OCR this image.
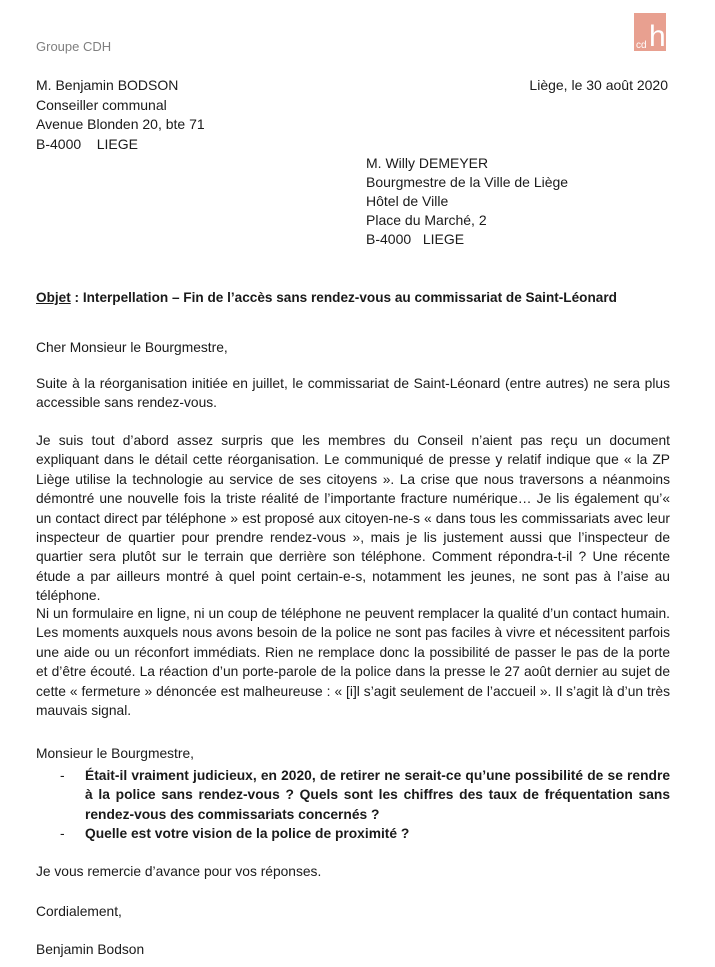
Groupe CDH	cd h
M. Benjamin BODSON
Conseiller communal
Avenue Blonden 20, bte 71
B-4000    LIEGE
Liège, le 30 août 2020
M. Willy DEMEYER
Bourgmestre de la Ville de Liège
Hôtel de Ville
Place du Marché, 2
B-4000   LIEGE
Objet : Interpellation – Fin de l’accès sans rendez-vous au commissariat de Saint-Léonard
Cher Monsieur le Bourgmestre,
Suite à la réorganisation initiée en juillet, le commissariat de Saint-Léonard (entre autres) ne sera plus accessible sans rendez-vous.
Je suis tout d’abord assez surpris que les membres du Conseil n’aient pas reçu un document expliquant dans le détail cette réorganisation. Le communiqué de presse y relatif indique que « la ZP Liège utilise la technologie au service de ses citoyens ». La crise que nous traversons a néanmoins démontré une nouvelle fois la triste réalité de l’importante fracture numérique… Je lis également qu’« un contact direct par téléphone » est proposé aux citoyen-ne-s « dans tous les commissariats avec leur inspecteur de quartier pour prendre rendez-vous », mais je lis justement aussi que l’inspecteur de quartier sera plutôt sur le terrain que derrière son téléphone. Comment répondra-t-il ? Une récente étude a par ailleurs montré à quel point certain-e-s, notamment les jeunes, ne sont pas à l’aise au téléphone.
Ni un formulaire en ligne, ni un coup de téléphone ne peuvent remplacer la qualité d’un contact humain. Les moments auxquels nous avons besoin de la police ne sont pas faciles à vivre et nécessitent parfois une aide ou un réconfort immédiats. Rien ne remplace donc la possibilité de passer le pas de la porte et d’être écouté. La réaction d’un porte-parole de la police dans la presse le 27 août dernier au sujet de cette « fermeture » dénoncée est malheureuse : « [i]l s’agit seulement de l’accueil ». Il s’agit là d’un très mauvais signal.
Monsieur le Bourgmestre,
- Était-il vraiment judicieux, en 2020, de retirer ne serait-ce qu’une possibilité de se rendre à la police sans rendez-vous ? Quels sont les chiffres des taux de fréquentation sans rendez-vous des commissariats concernés ?
- Quelle est votre vision de la police de proximité ?
Je vous remercie d’avance pour vos réponses.
Cordialement,
Benjamin Bodson
